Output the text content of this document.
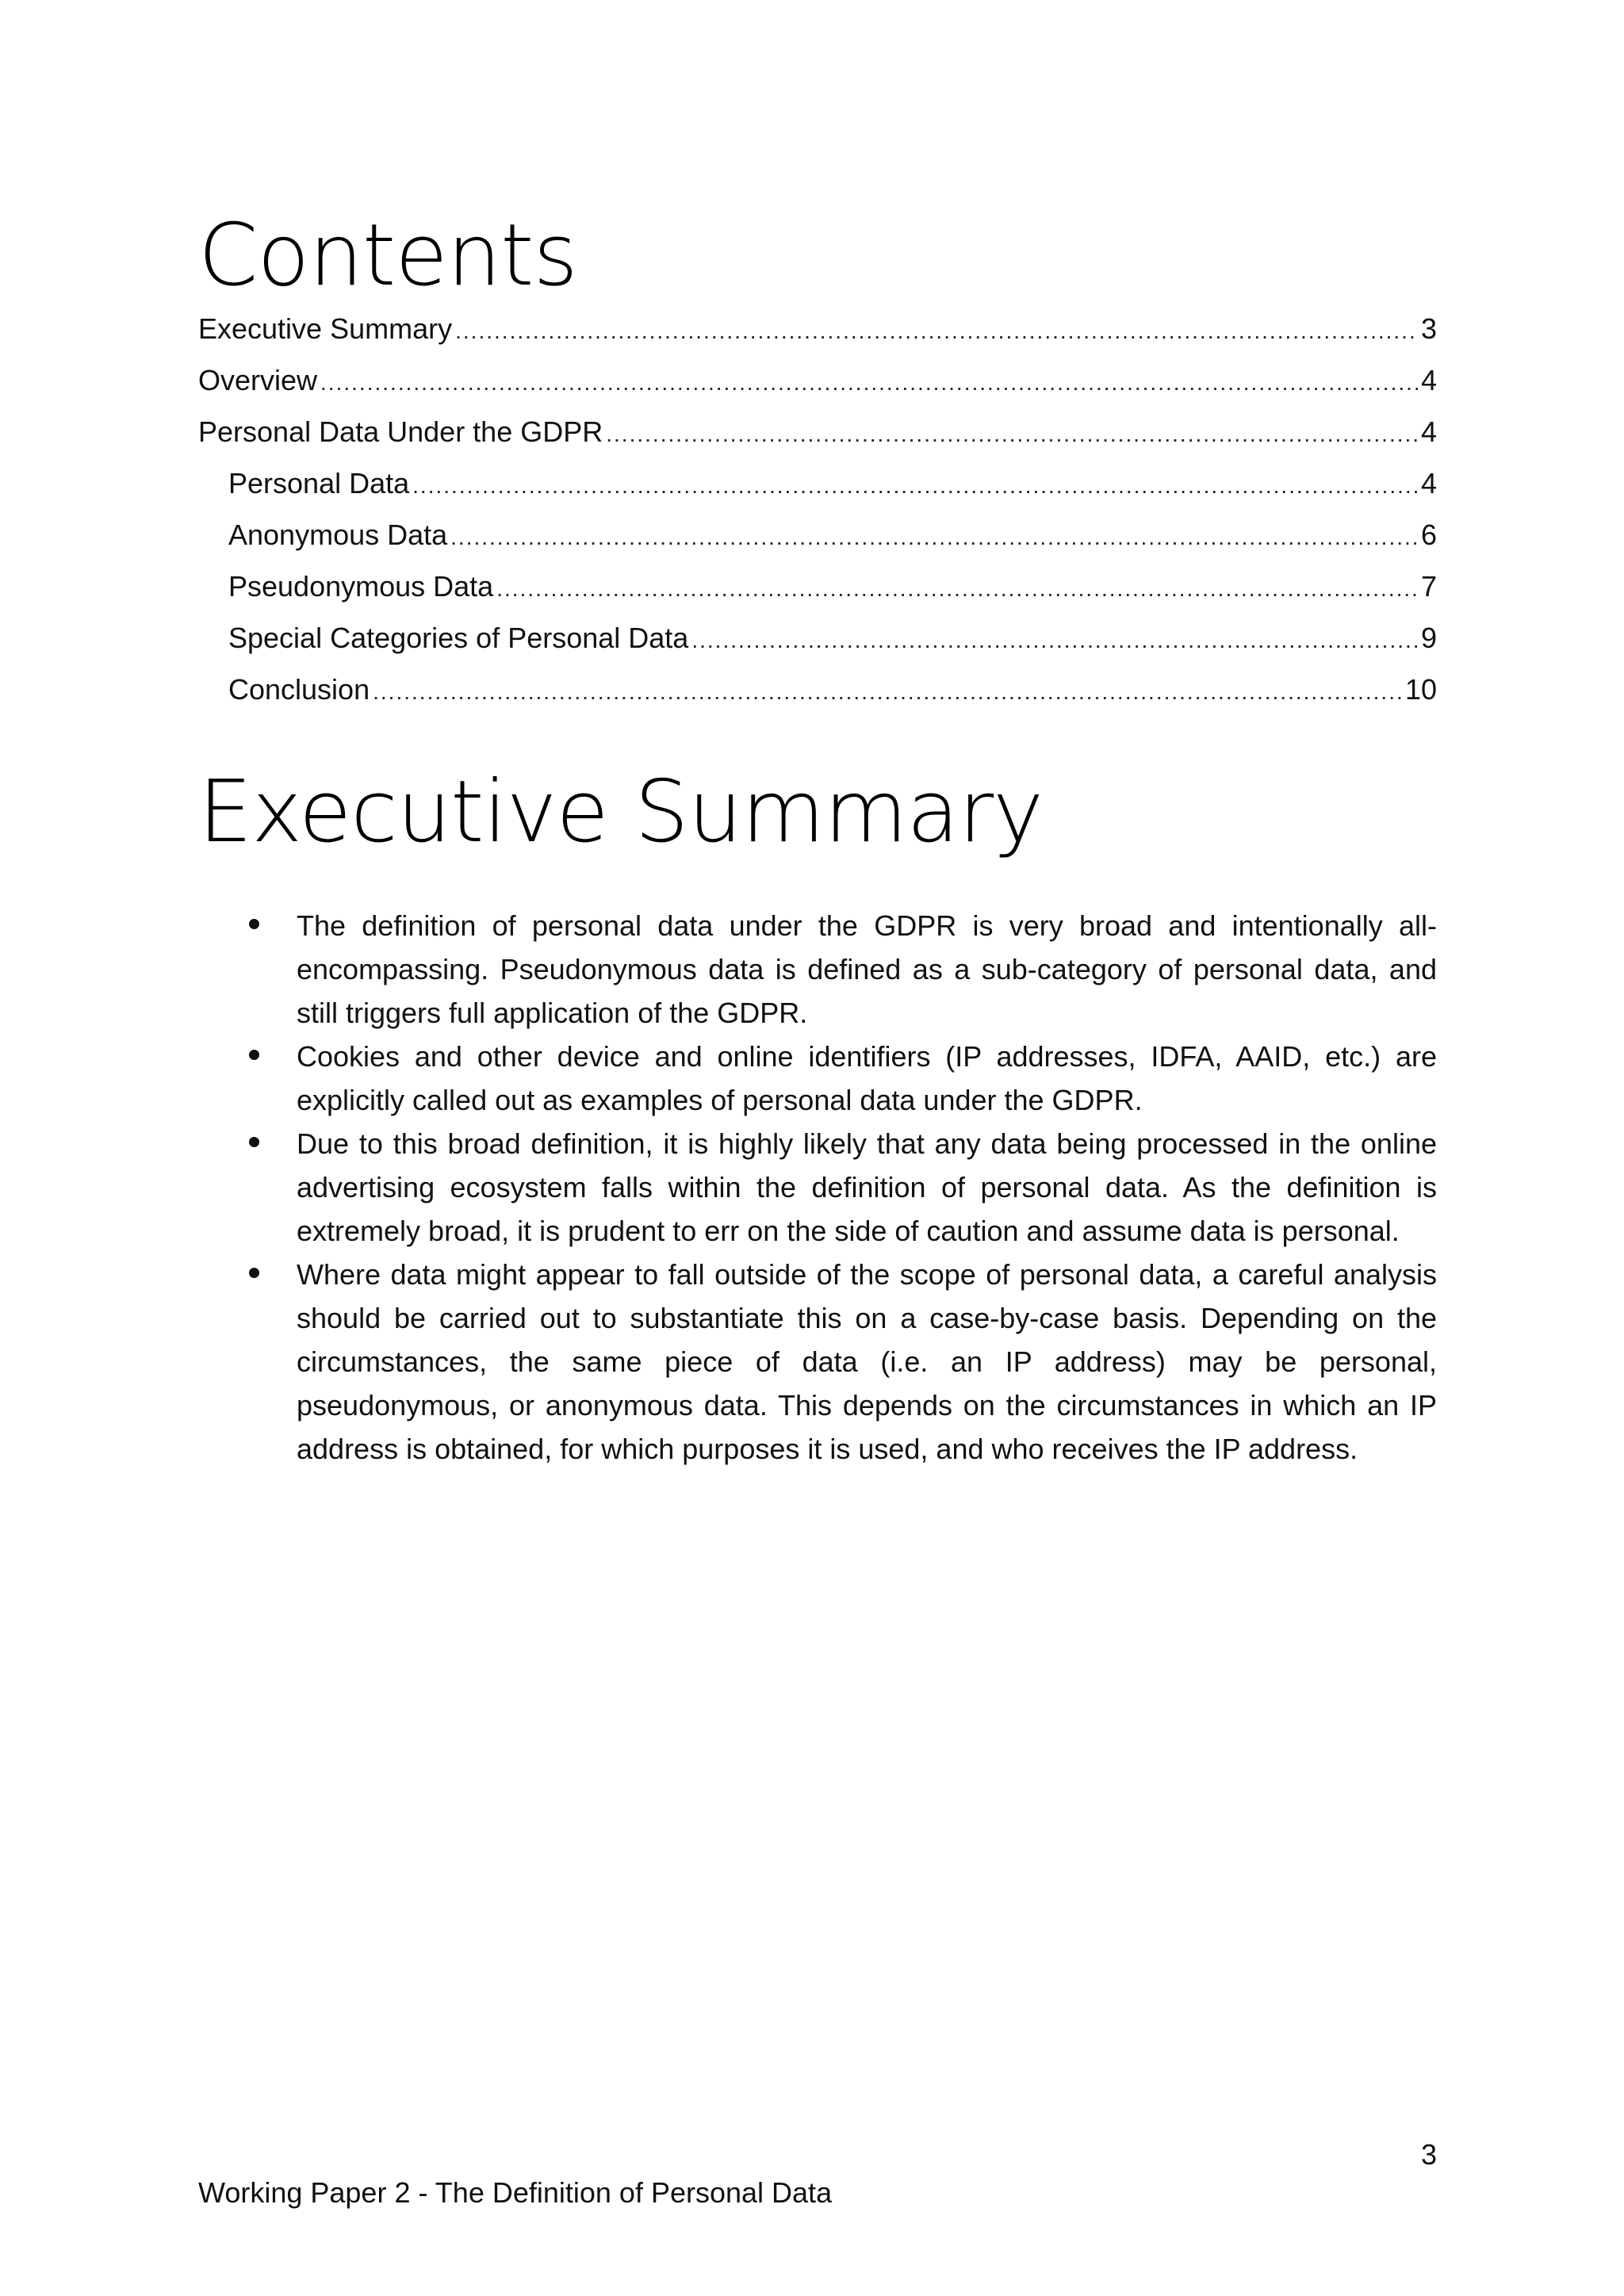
Contents
Executive Summary .....	3
Overview .....	4
Personal Data Under the GDPR .....	4
Personal Data .....	4
Anonymous Data .....	6
Pseudonymous Data .....	7
Special Categories of Personal Data .....	9
Conclusion .....	10
Executive Summary
The definition of personal data under the GDPR is very broad and intentionally all-encompassing. Pseudonymous data is defined as a sub-category of personal data, and still triggers full application of the GDPR.
Cookies and other device and online identifiers (IP addresses, IDFA, AAID, etc.) are explicitly called out as examples of personal data under the GDPR.
Due to this broad definition, it is highly likely that any data being processed in the online advertising ecosystem falls within the definition of personal data. As the definition is extremely broad, it is prudent to err on the side of caution and assume data is personal.
Where data might appear to fall outside of the scope of personal data, a careful analysis should be carried out to substantiate this on a case-by-case basis. Depending on the circumstances, the same piece of data (i.e. an IP address) may be personal, pseudonymous, or anonymous data. This depends on the circumstances in which an IP address is obtained, for which purposes it is used, and who receives the IP address.
3
Working Paper 2 - The Definition of Personal Data
